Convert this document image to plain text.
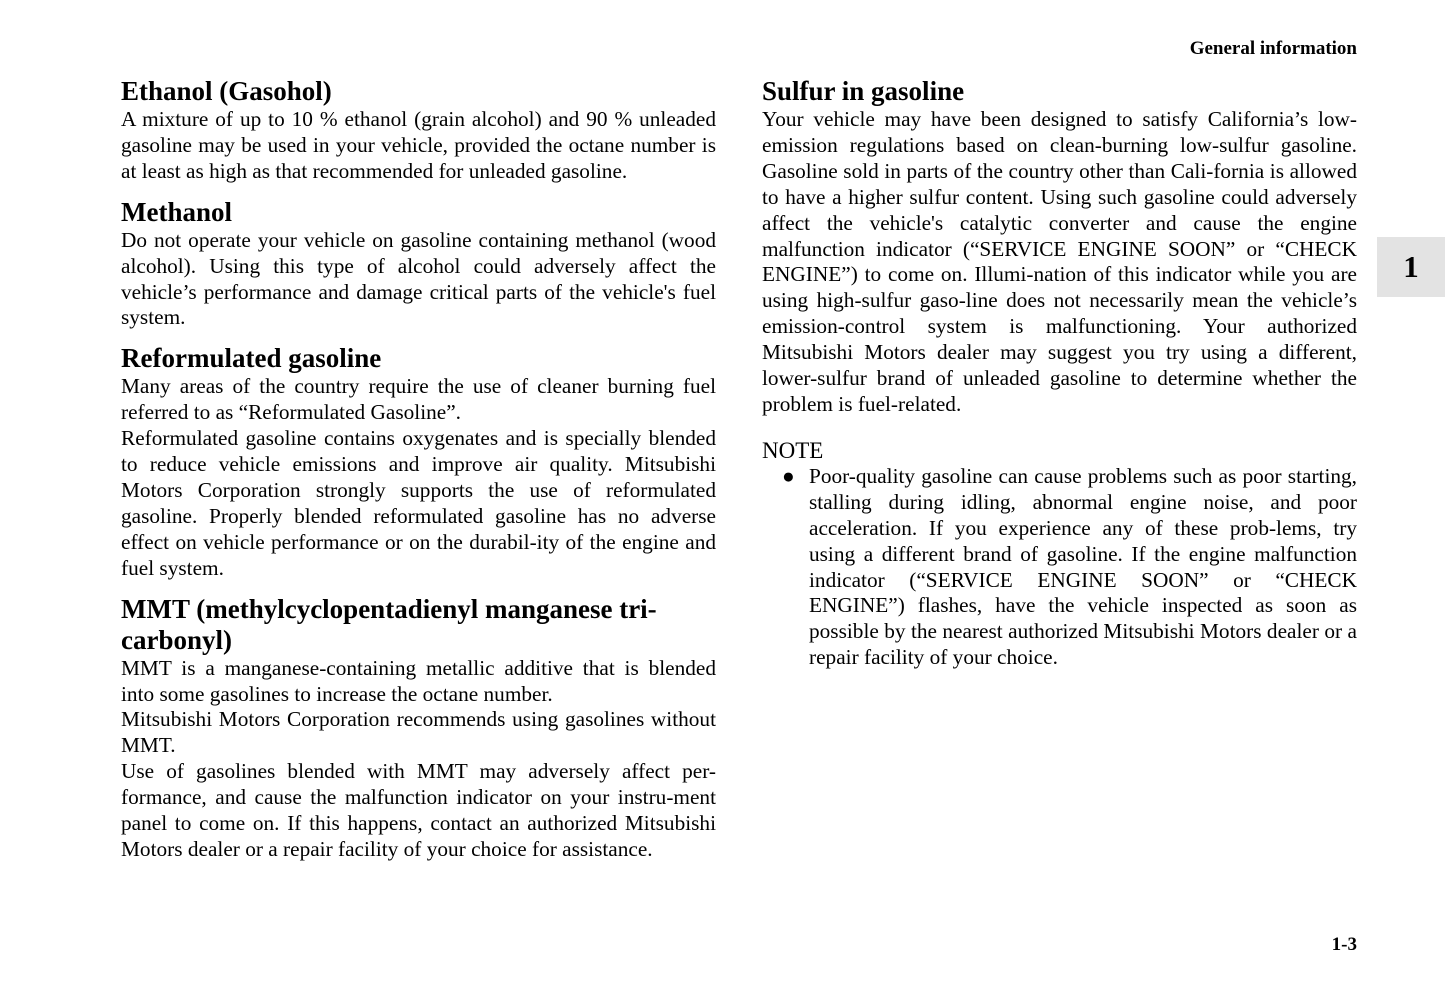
General information
1
Ethanol (Gasohol)

A mixture of up to 10 % ethanol (grain alcohol) and 90 % unleaded gasoline may be used in your vehicle, provided the octane number is at least as high as that recommended for unleaded gasoline.

Methanol

Do not operate your vehicle on gasoline containing methanol (wood alcohol). Using this type of alcohol could adversely affect the vehicle’s performance and damage critical parts of the vehicle's fuel system.

Reformulated gasoline

Many areas of the country require the use of cleaner burning fuel referred to as “Reformulated Gasoline”.

Reformulated gasoline contains oxygenates and is specially blended to reduce vehicle emissions and improve air quality. Mitsubishi Motors Corporation strongly supports the use of reformulated gasoline. Properly blended reformulated gasoline has no adverse effect on vehicle performance or on the durabil-ity of the engine and fuel system.

MMT (methylcyclopentadienyl manganese tri-carbonyl)

MMT is a manganese-containing metallic additive that is blended into some gasolines to increase the octane number.

Mitsubishi Motors Corporation recommends using gasolines without MMT.

Use of gasolines blended with MMT may adversely affect per-formance, and cause the malfunction indicator on your instru-ment panel to come on. If this happens, contact an authorized Mitsubishi Motors dealer or a repair facility of your choice for assistance.

Sulfur in gasoline

Your vehicle may have been designed to satisfy California’s low-emission regulations based on clean-burning low-sulfur gasoline. Gasoline sold in parts of the country other than Cali-fornia is allowed to have a higher sulfur content. Using such gasoline could adversely affect the vehicle's catalytic converter and cause the engine malfunction indicator (“SERVICE ENGINE SOON” or “CHECK ENGINE”) to come on. Illumi-nation of this indicator while you are using high-sulfur gaso-line does not necessarily mean the vehicle’s emission-control system is malfunctioning. Your authorized Mitsubishi Motors dealer may suggest you try using a different, lower-sulfur brand of unleaded gasoline to determine whether the problem is fuel-related.

NOTE
● Poor-quality gasoline can cause problems such as poor starting, stalling during idling, abnormal engine noise, and poor acceleration. If you experience any of these prob-lems, try using a different brand of gasoline. If the engine malfunction indicator (“SERVICE ENGINE SOON” or “CHECK ENGINE”) flashes, have the vehicle inspected as soon as possible by the nearest authorized Mitsubishi Motors dealer or a repair facility of your choice.

1-3
